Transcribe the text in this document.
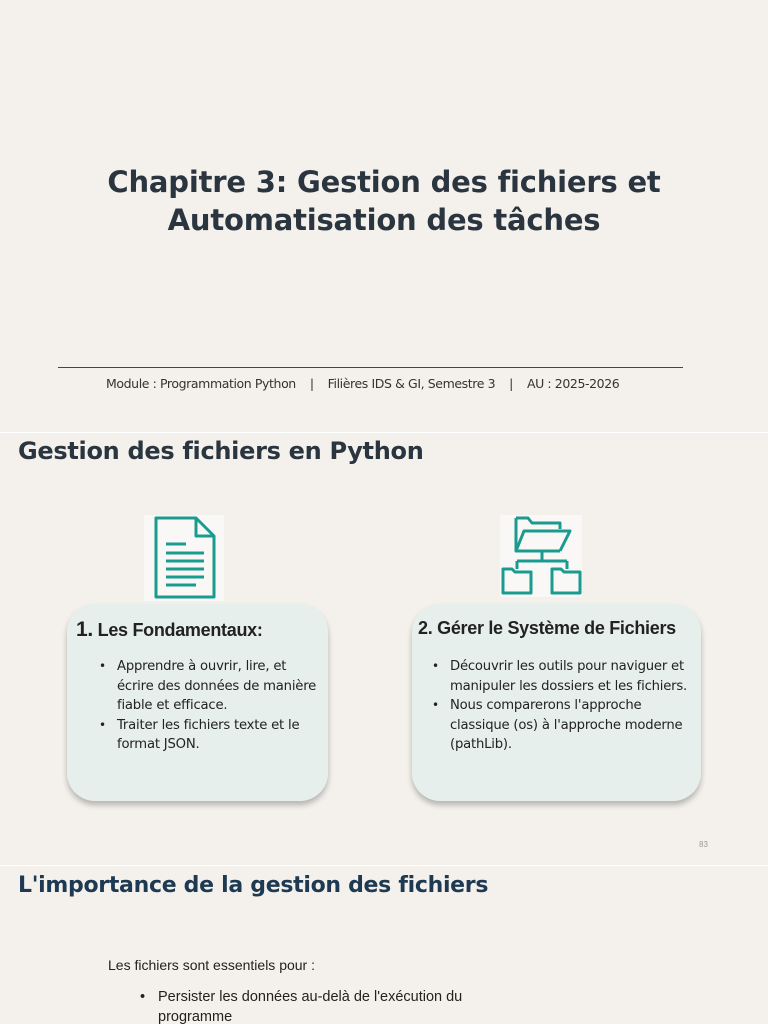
Chapitre 3: Gestion des fichiers et
Automatisation des tâches
Module : Programmation Python | Filières IDS & GI, Semestre 3 | AU : 2025-2026
Gestion des fichiers en Python
1. Les Fondamentaux:
• Apprendre à ouvrir, lire, et écrire des données de manière fiable et efficace.
• Traiter les fichiers texte et le format JSON.
2. Gérer le Système de Fichiers
• Découvrir les outils pour naviguer et manipuler les dossiers et les fichiers.
• Nous comparerons l'approche classique (os) à l'approche moderne (pathLib).
83
L'importance de la gestion des fichiers
Les fichiers sont essentiels pour :
• Persister les données au-delà de l'exécution du programme
